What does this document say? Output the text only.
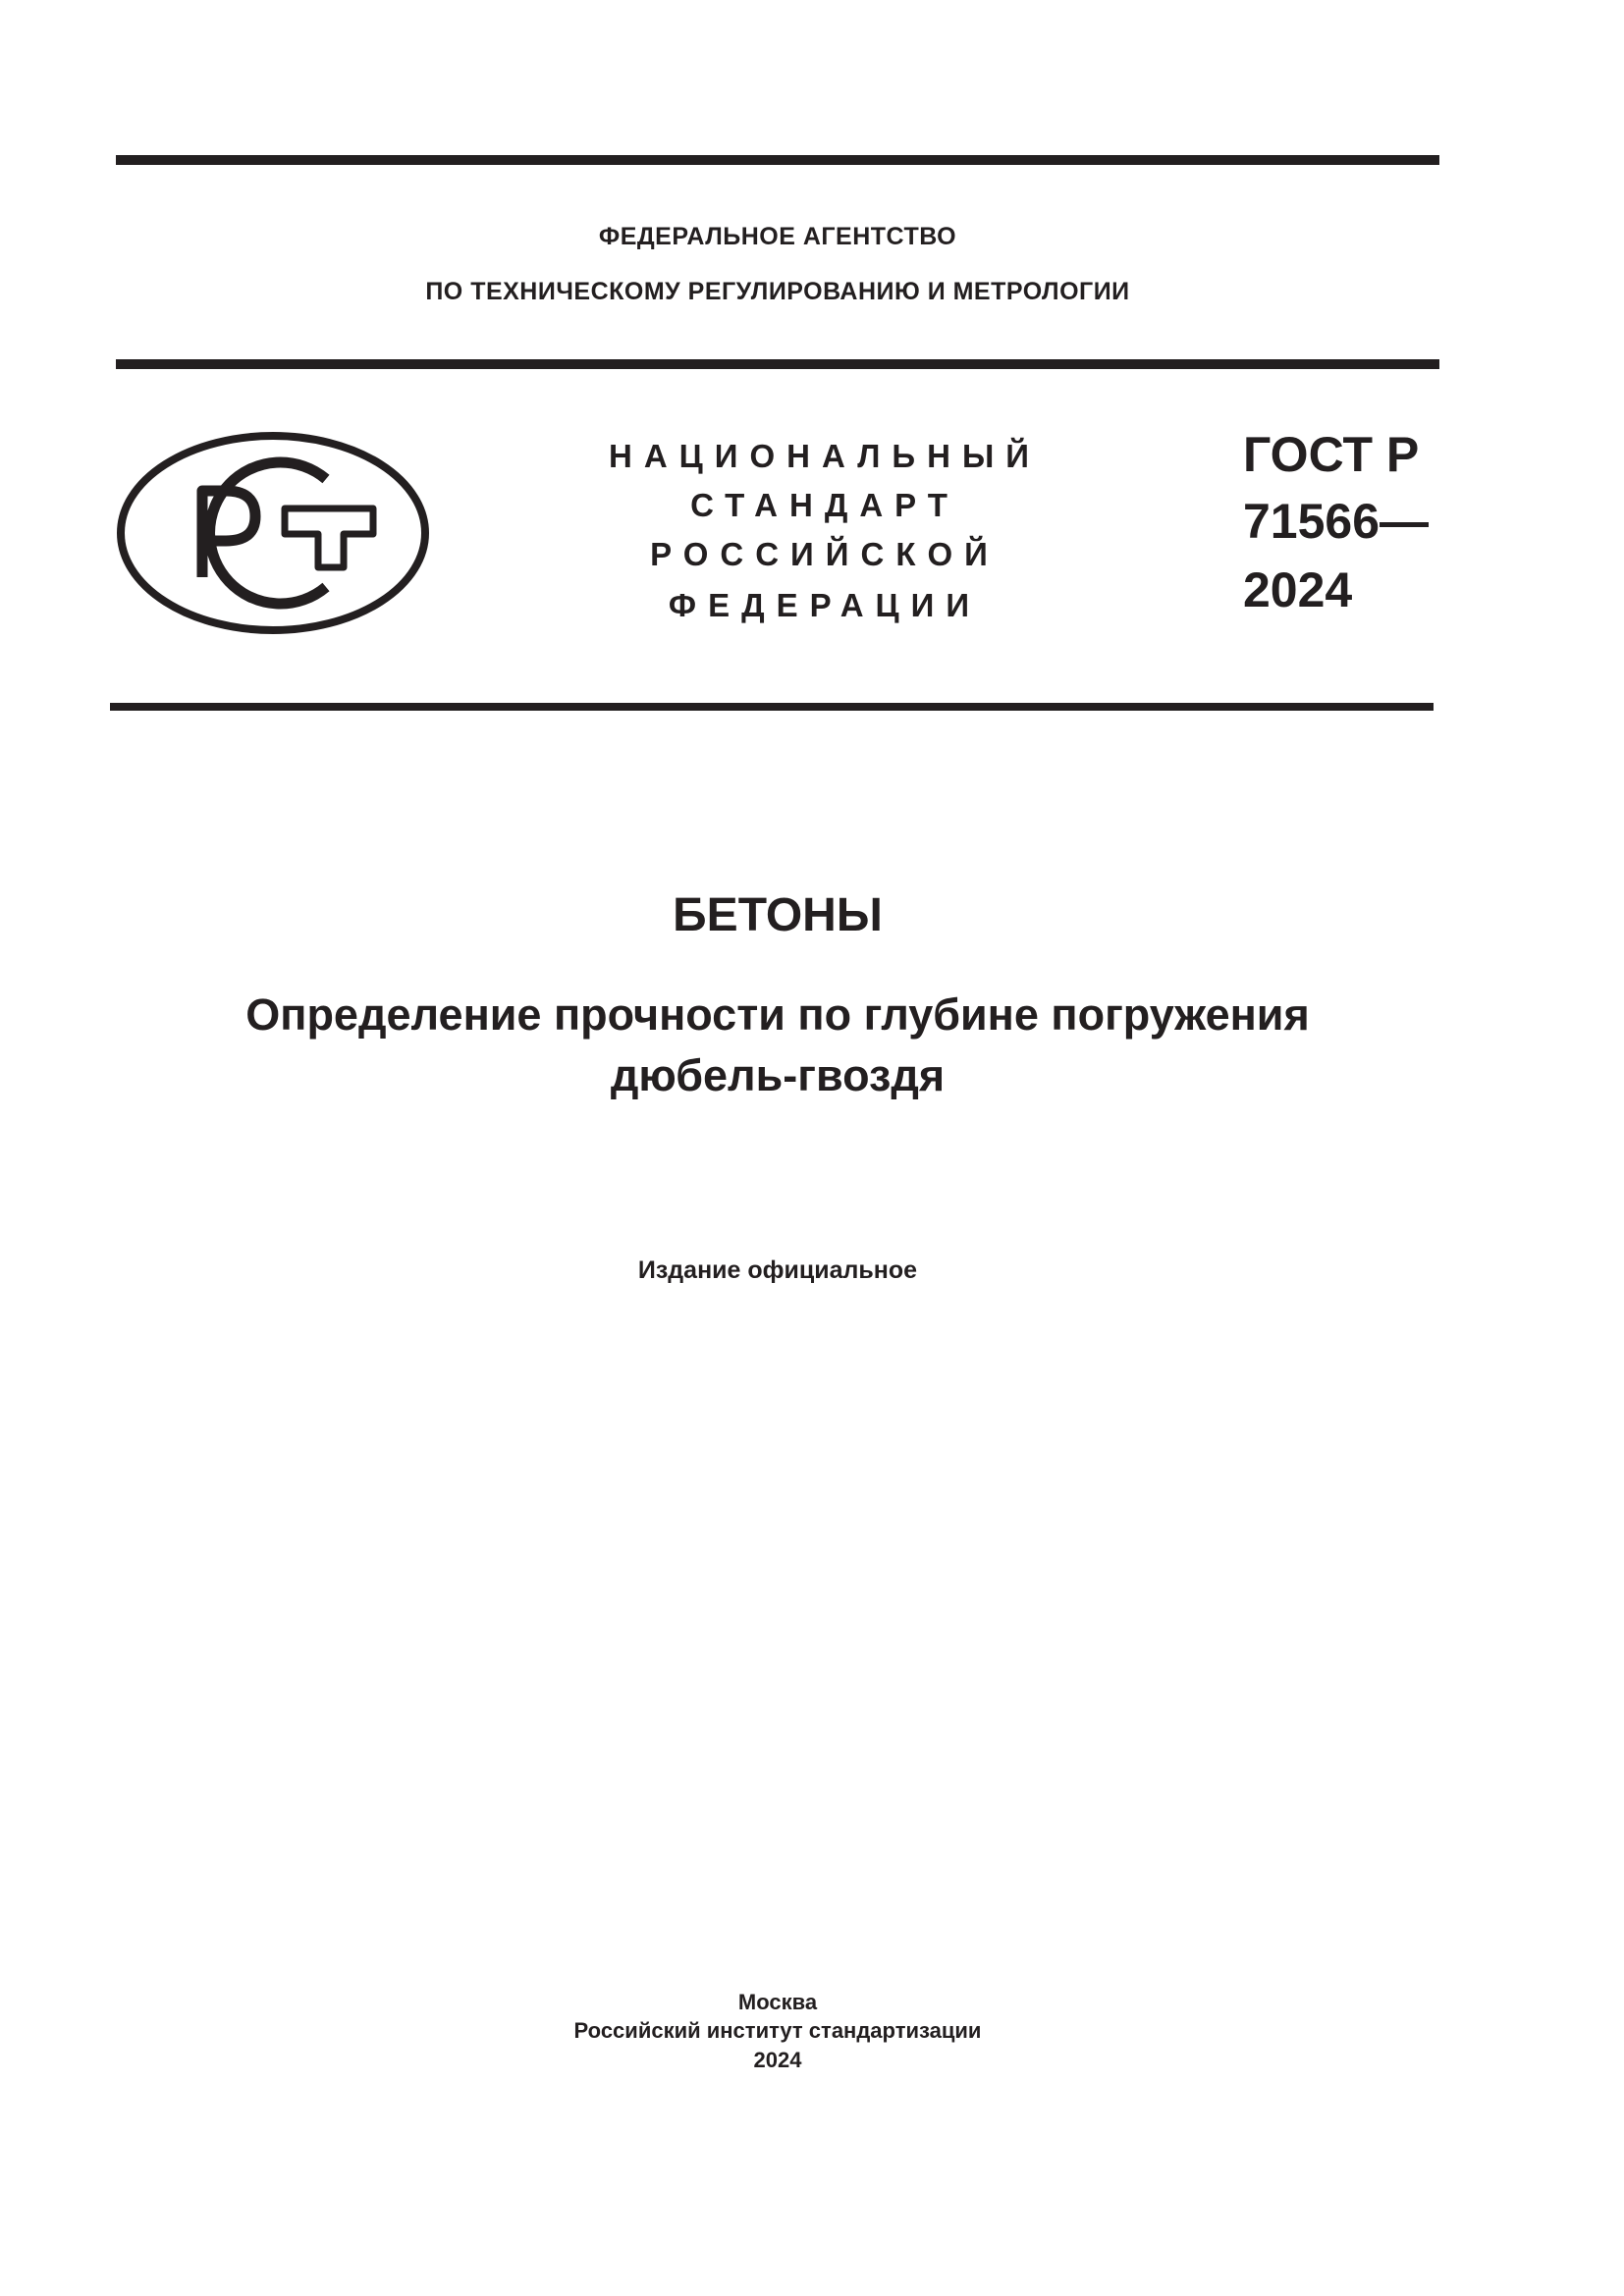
ФЕДЕРАЛЬНОЕ АГЕНТСТВО
ПО ТЕХНИЧЕСКОМУ РЕГУЛИРОВАНИЮ И МЕТРОЛОГИИ
НАЦИОНАЛЬНЫЙ
СТАНДАРТ
РОССИЙСКОЙ
ФЕДЕРАЦИИ
ГОСТ Р
71566—
2024
БЕТОНЫ
Определение прочности по глубине погружения
дюбель-гвоздя
Издание официальное
Москва
Российский институт стандартизации
2024
